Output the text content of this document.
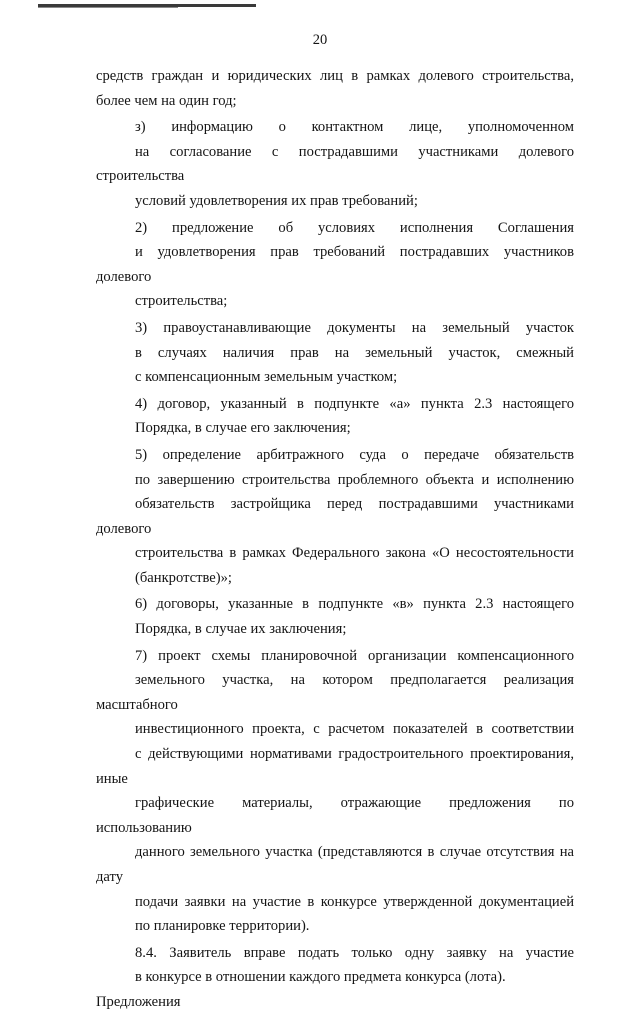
20
средств граждан и юридических лиц в рамках долевого строительства,
более чем на один год;
з) информацию о контактном лице, уполномоченном
на согласование с пострадавшими участниками долевого строительства
условий удовлетворения их прав требований;
2) предложение об условиях исполнения Соглашения
и удовлетворения прав требований пострадавших участников долевого
строительства;
3) правоустанавливающие документы на земельный участок
в случаях наличия прав на земельный участок, смежный
с компенсационным земельным участком;
4) договор, указанный в подпункте «а» пункта 2.3 настоящего
Порядка, в случае его заключения;
5) определение арбитражного суда о передаче обязательств
по завершению строительства проблемного объекта и исполнению
обязательств застройщика перед пострадавшими участниками долевого
строительства в рамках Федерального закона «О несостоятельности
(банкротстве)»;
6) договоры, указанные в подпункте «в» пункта 2.3 настоящего
Порядка, в случае их заключения;
7) проект схемы планировочной организации компенсационного
земельного участка, на котором предполагается реализация масштабного
инвестиционного проекта, с расчетом показателей в соответствии
с действующими нормативами градостроительного проектирования, иные
графические материалы, отражающие предложения по использованию
данного земельного участка (представляются в случае отсутствия на дату
подачи заявки на участие в конкурсе утвержденной документацией
по планировке территории).
8.4. Заявитель вправе подать только одну заявку на участие
в конкурсе в отношении каждого предмета конкурса (лота). Предложения
